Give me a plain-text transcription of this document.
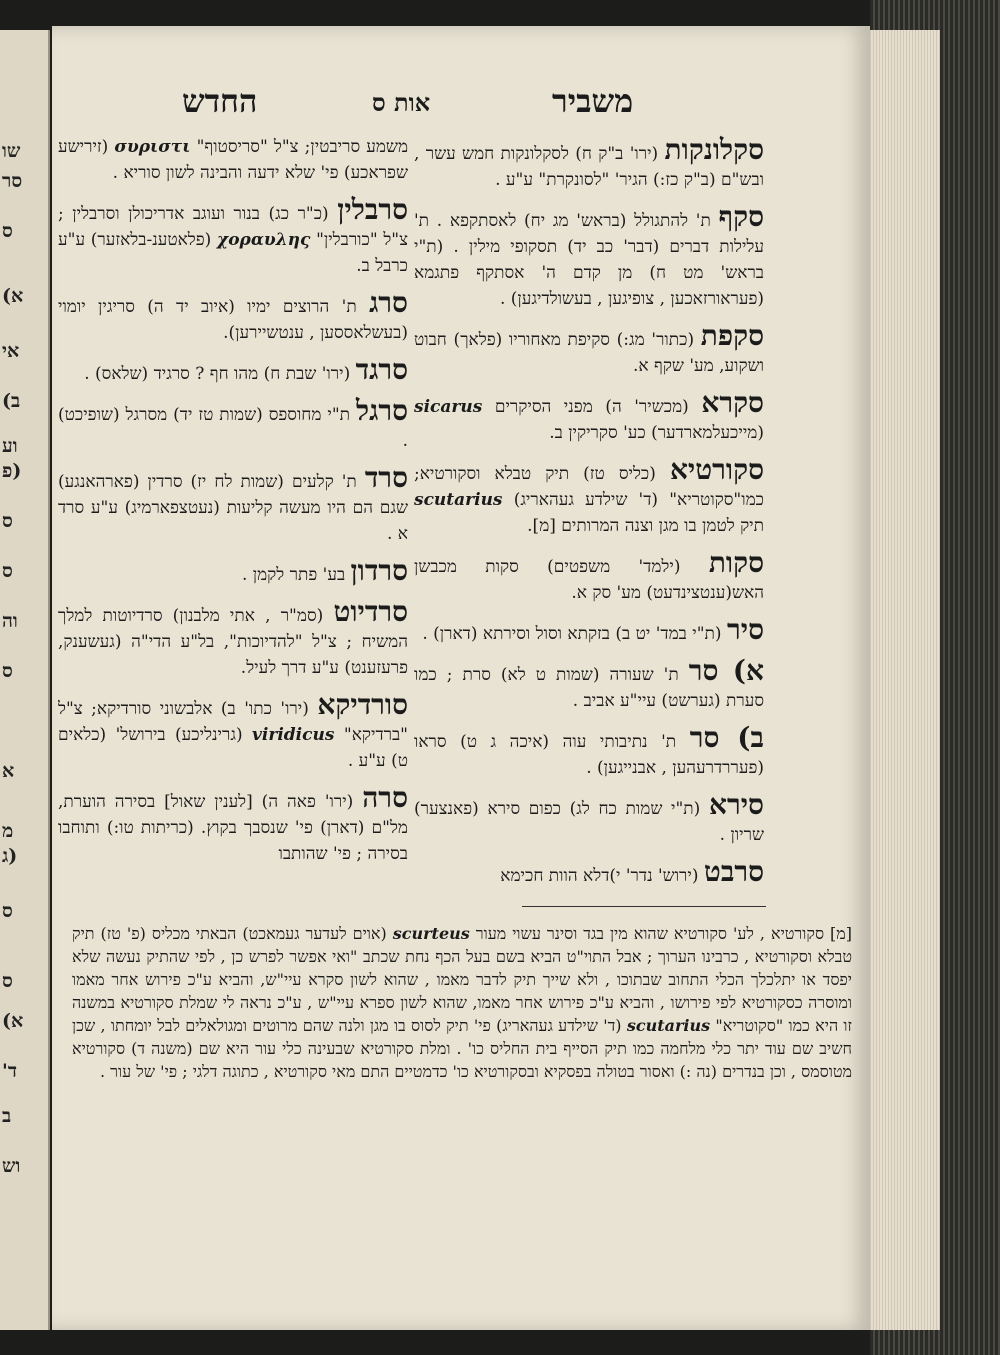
שו
סר
ס
א)
אי
ב)
וע
(פ
ס
ס
וה
ס
א
מ
(ג
ס
ס
א)
ד'
ב
וש
משביר
אות ס
החדש
סקלונקות (ירו' ב"ק ח) לסקלונקות חמש עשר , ובש"ם (ב"ק כז:) הגיר' "לסונקרת" ע"ע .
סקף ת' להתגולל (בראש' מג יח) לאסתקפא . ת' עלילות דברים (דבר' כב יד) תסקופי מילין . (ת"י בראש' מט ח) מן קדם ה' אסתקף פתגמא (פעראורזאכען , צופיגען , בעשולדיגען) .
סקפת (כתור' מג:) סקיפת מאחוריו (פלאך) חבוט ושקוע, מע' שקף א.
סקרא (מכשיר' ה) מפני הסיקרים sicarus (מייכעלמארדער) כע' סקריקין ב.
סקורטיא (כליס טז) תיק טבלא וסקורטיא; כמו"סקוטריא" (ד' שילדע געהאריג) scutarius תיק לטמן בו מגן וצנה המרותים [מ].
סקות (ילמד' משפטים) סקות מכבשן האש(ענטצינדעט) מע' סק א.
סיר (ת"י במד' יט ב) בזקתא וסול וסירתא (דארן) .
א) סר ת' שעורה (שמות ט לא) סרת ; כמו סערת (גערשט) עיי"ע אביב .
ב) סר ת' נתיבותי עוה (איכה ג ט) סראו (פעררדרעהען , אבנייגען) .
סירא (ת"י שמות כח לג) כפום סירא (פאנצער) שריון .
סרבט (ירוש' נדר' י)דלא הוות חכימא
משמע סריבטין; צ"ל "סריסטוף" συριστι (זירישע שפראכע) פי' שלא ידעה והבינה לשון סוריא .
סרבלין (כ"ר כג) בנור ועוגב אדריכולן וסרבלין ; צ"ל "כורבלין" χοραυλης (פלאטענ-בלאזער) ע"ע כרבל ב.
סרג ת' הרוצים ימיו (איוב יד ה) סריגין יומוי (בעשלאססען , ענטשיירען).
סרגד (ירו' שבת ח) מהו חף ? סרגיד (שלאס) .
סרגל ת"י מחוספס (שמות טז יד) מסרגל (שופיכט) .
סרד ת' קלעים (שמות לח יז) סרדין (פארהאנגע) שגם הם היו מעשה קליעות (נעטצפארמיג) ע"ע סרד א .
סרדון בע' פתר לקמן .
סרדיוט (סמ"ר , אתי מלבנון) סרדיוטות למלך המשיח ; צ"ל "להדיוכות", בל"ע הדי"ה (געשענק, פרעזענט) ע"ע דרך לעיל.
סורדיקא (ירו' כתו' ב) אלבשוני סורדיקא; צ"ל "ברדיקא" viridicus (גרינליכע) בירושל' (כלאים ט) ע"ע .
סרה (ירו' פאה ה) [לענין שאול] בסירה הוערת, מל"ם (דארן) פי' שנסבך בקוץ. (כריתות טו:) ותוחבו בסירה ; פי' שהותבו
[מ] סקורטיא , לע' סקורטיא שהוא מין בגד וסינר עשוי מעור scurteus (אוים לעדער געמאכט) הבאתי מכליס (פ' טז) תיק טבלא וסקורטיא , כרבינו הערוך ; אבל התוי"ט הביא בשם בעל הכף נחת שכתב "ואי אפשר לפרש כן , לפי שהתיק נעשה שלא יפסד או יתלכלך הכלי התחוב שבתוכו , ולא שייך תיק לדבר מאמו , שהוא לשון סקרא עיי"ש, והביא ע"כ פירוש אחר מאמו ומוסרה כסקורטיא לפי פירושו , והביא ע"כ פירוש אחר מאמו, שהוא לשון ספרא עיי"ש , ע"כ נראה לי שמלת סקורטיא במשנה זו היא כמו "סקוטריא" scutarius (ד' שילדע געהאריג) פי' תיק לסוס בו מגן ולנה שהם מרוטים ומגולאלים לבל יומחתו , שכן חשיב שם עוד יתר כלי מלחמה כמו תיק הסייף בית החליס כו' . ומלת סקורטיא שבעינה כלי עור היא שם (משנה ד) סקורטיא מטוסמס , וכן בנדרים (נה :) ואסור בטולה בפסקיא ובסקורטיא כו' כדמטיים התם מאי סקורטיא , כתוגה דלגי ; פי' של עור .
